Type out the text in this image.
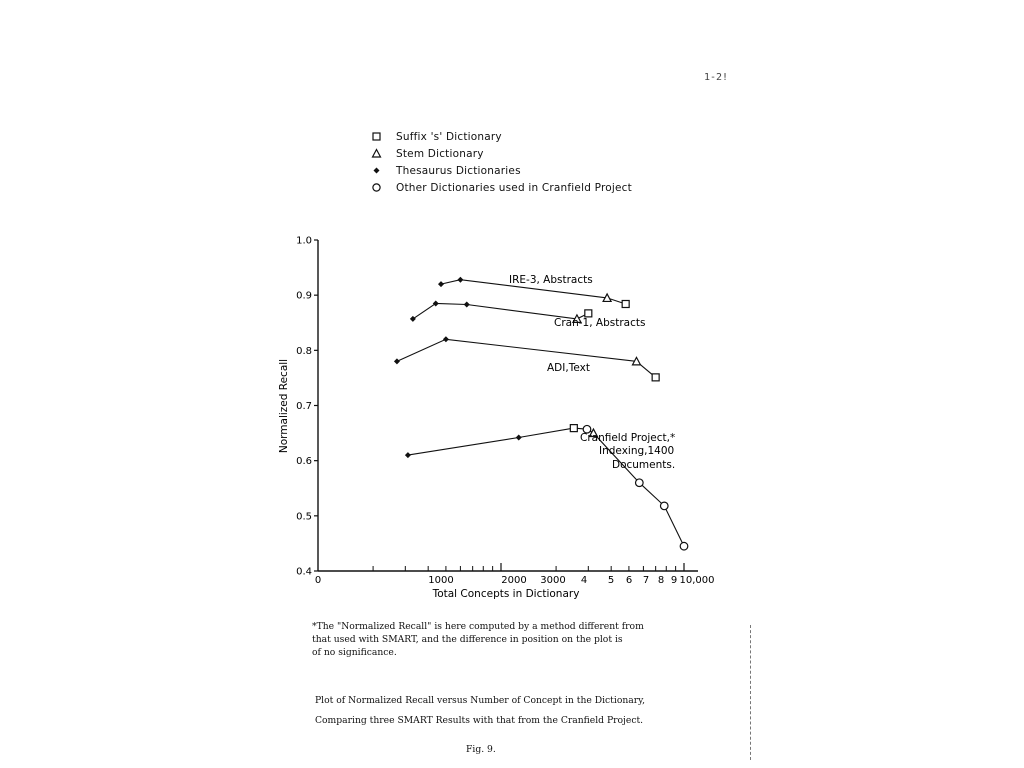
1-2!
Suffix 's' Dictionary
Stem Dictionary
Thesaurus Dictionaries
Other Dictionaries used in Cranfield Project
0.4
0.5
0.6
0.7
0.8
0.9
1.0
0	1000	2000 3000 4 5 6 7 8 9 10,000
Normalized Recall
Total Concepts in Dictionary
IRE-3, Abstracts
Cran-1, Abstracts
ADI,Text
Cranfield Project,*
Indexing,1400
Documents.
*The "Normalized Recall" is here computed by a method different from
that used with SMART, and the difference in position on the plot is
of no significance.
Plot of Normalized Recall versus Number of Concept in the Dictionary,
Comparing three SMART Results with that from the Cranfield Project.
Fig. 9.
